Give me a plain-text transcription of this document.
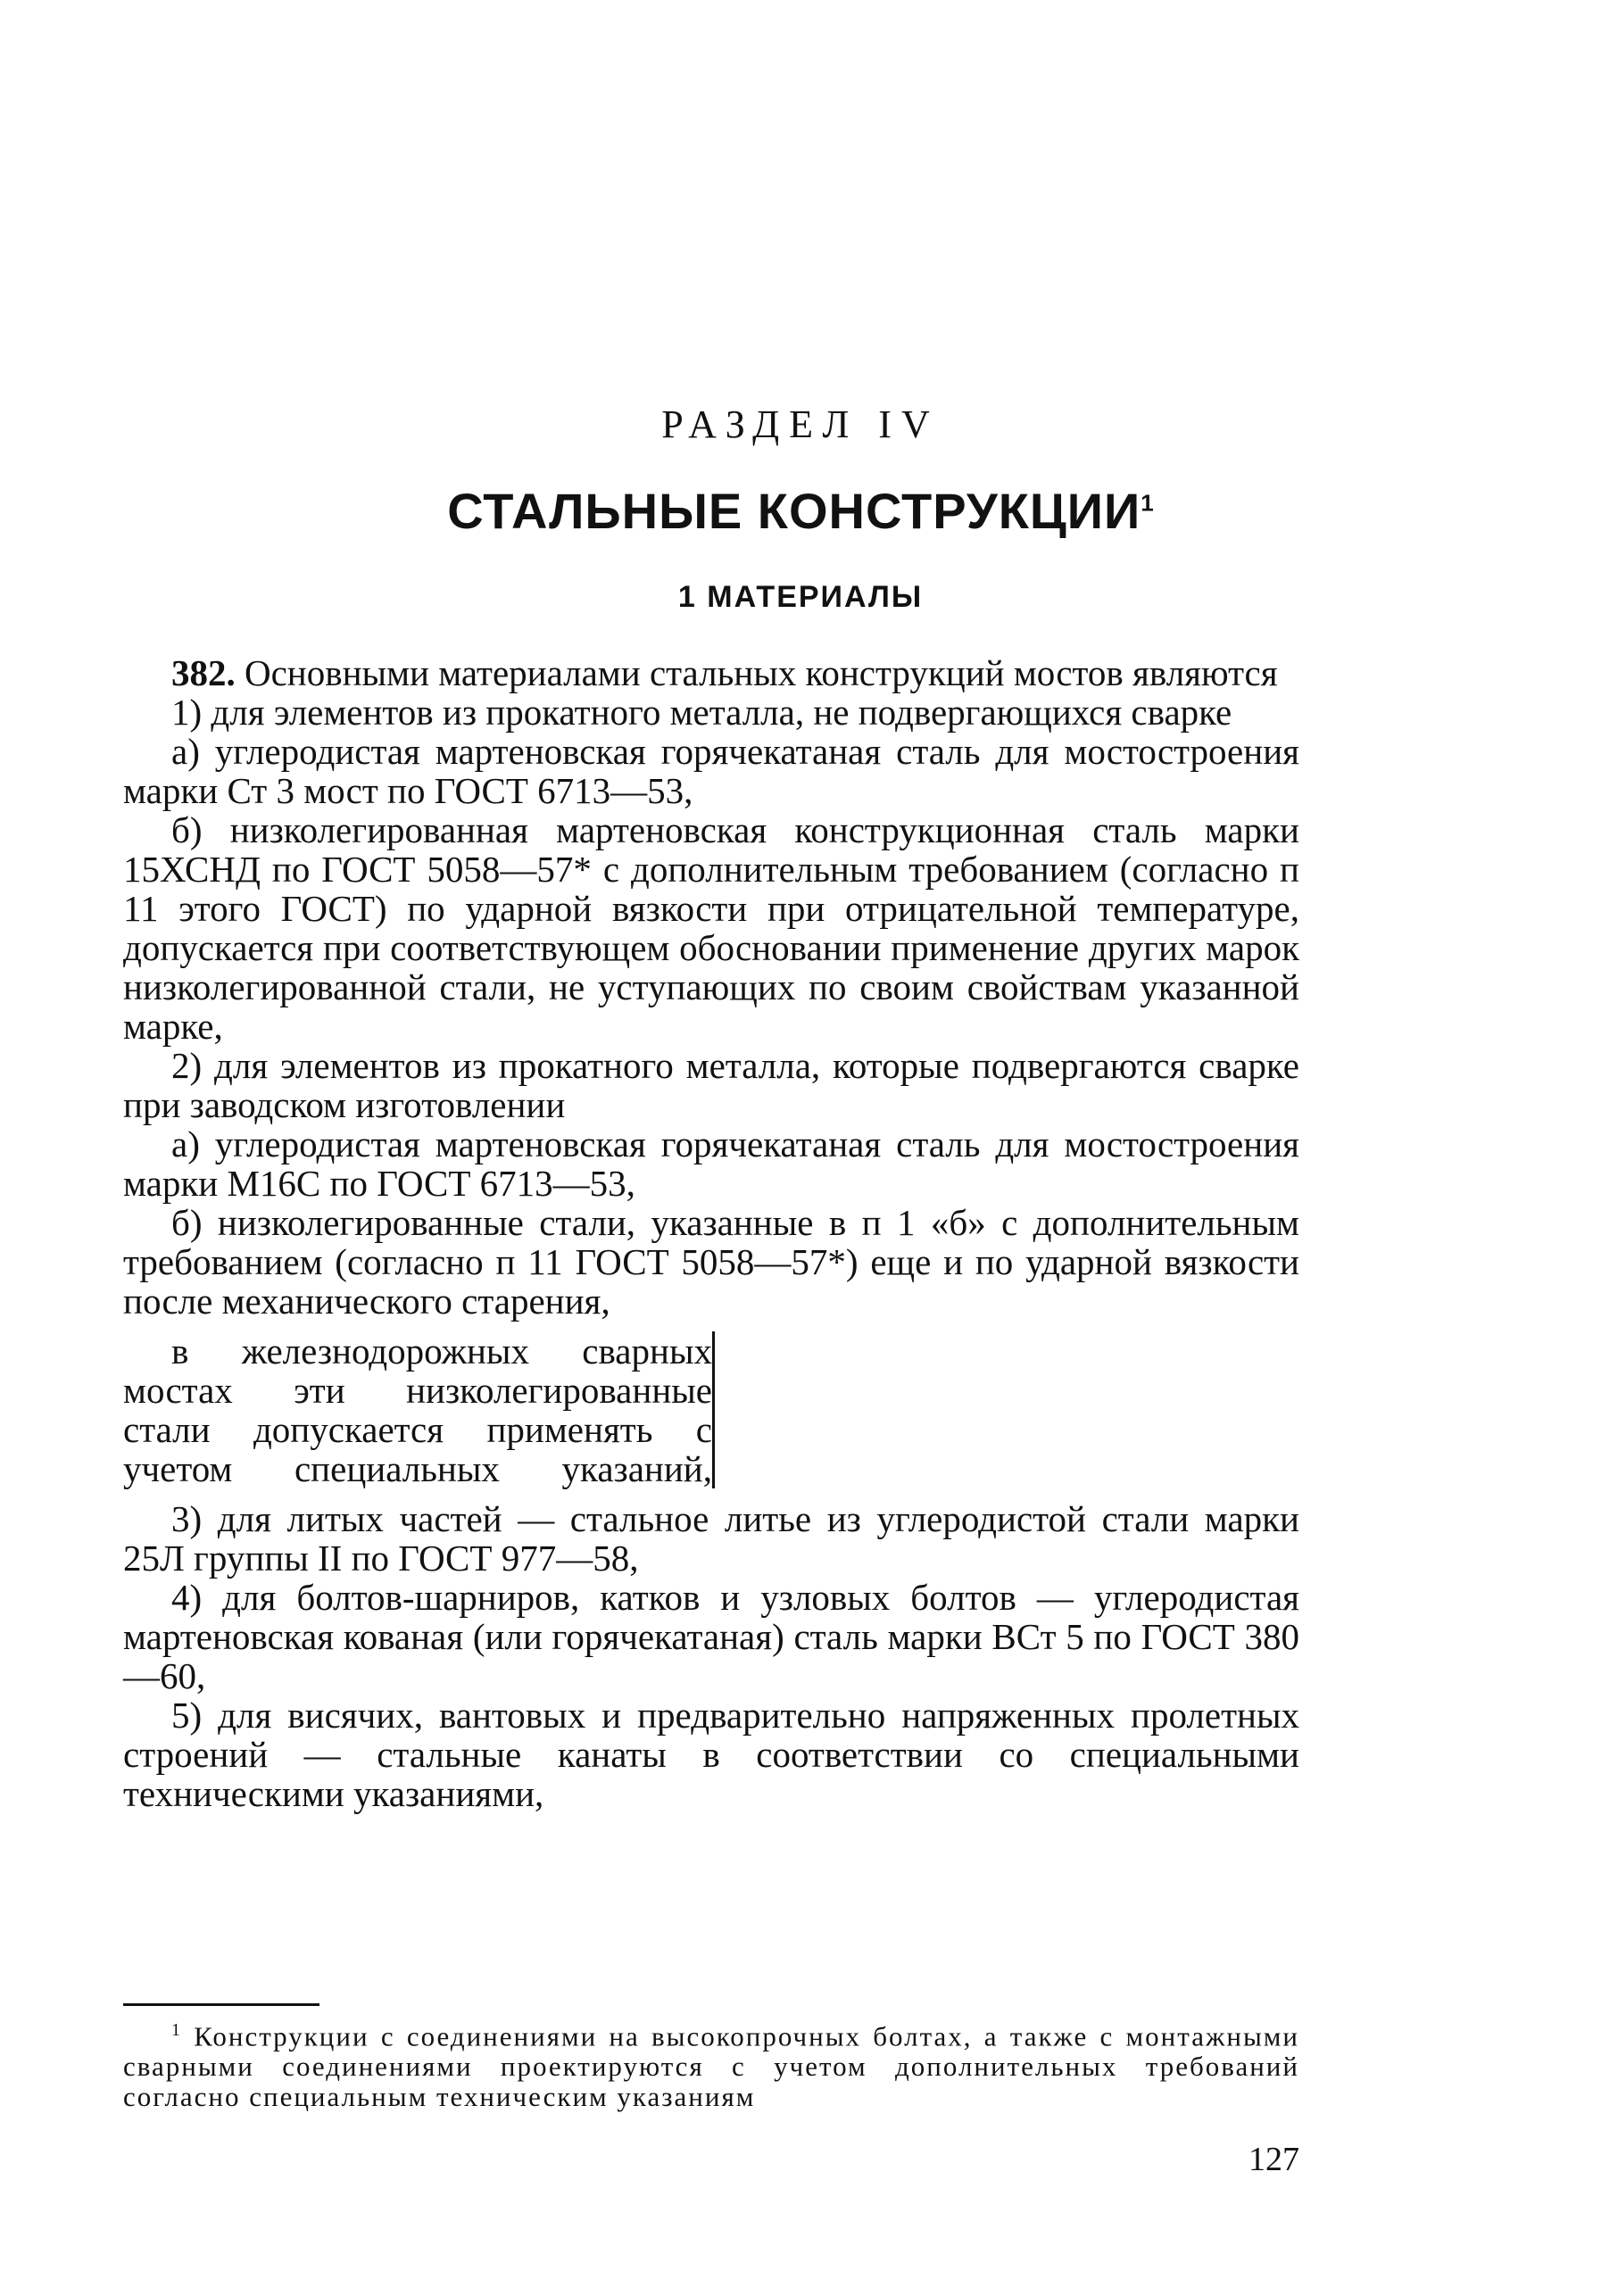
РАЗДЕЛ IV
СТАЛЬНЫЕ КОНСТРУКЦИИ$^1$
1 МАТЕРИАЛЫ

382. Основными материалами стальных конструкций мостов являются

1) для элементов из прокатного металла, не подвергающихся сварке

а) углеродистая мартеновская горячекатаная сталь для мостостроения марки Ст 3 мост по ГОСТ 6713—53,

б) низколегированная мартеновская конструкционная сталь марки 15ХСНД по ГОСТ 5058—57* с дополнительным требованием (согласно п 11 этого ГОСТ) по ударной вязкости при отрицательной температуре, допускается при соответствующем обосновании применение других марок низколегированной стали, не уступающих по своим свойствам указанной марке,

2) для элементов из прокатного металла, которые подвергаются сварке при заводском изготовлении

а) углеродистая мартеновская горячекатаная сталь для мостостроения марки М16С по ГОСТ 6713—53,

б) низколегированные стали, указанные в п 1 «б» с дополнительным требованием (согласно п 11 ГОСТ 5058—57*) еще и по ударной вязкости после механического старения,

в железнодорожных сварных
мостах эти низколегированные
стали допускается применять с
учетом специальных указаний,

3) для литых частей — стальное литье из углеродистой стали марки 25Л группы II по ГОСТ 977—58,

4) для болтов-шарниров, катков и узловых болтов — углеродистая мартеновская кованая (или горячекатаная) сталь марки ВСт 5 по ГОСТ 380—60,

5) для висячих, вантовых и предварительно напряженных пролетных строений — стальные канаты в соответствии со специальными техническими указаниями,

$^1$ Конструкции с соединениями на высокопрочных болтах, а также с монтажными сварными соединениями проектируются с учетом дополнительных требований согласно специальным техническим указаниям
127
